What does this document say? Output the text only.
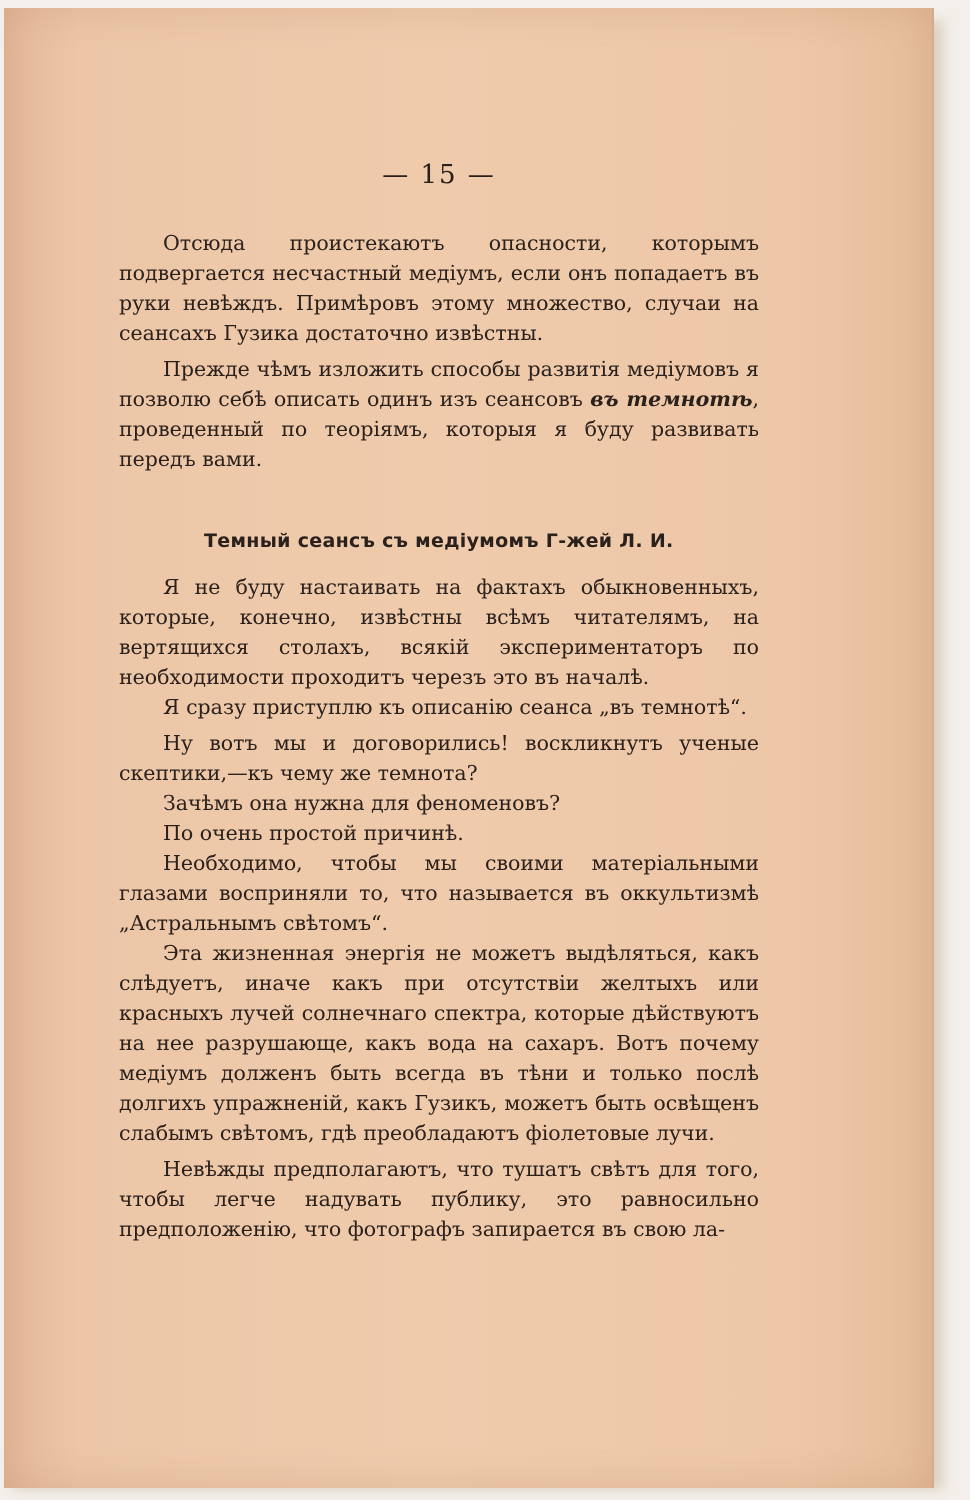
— 15 —

Отсюда проистекаютъ опасности, которымъ подвергается несчастный медіумъ, если онъ попадаетъ въ руки невѣждъ. Примѣровъ этому множество, случаи на сеансахъ Гузика достаточно извѣстны.

Прежде чѣмъ изложить способы развитія медіумовъ я позволю себѣ описать одинъ изъ сеансовъ въ темнотѣ, проведенный по теоріямъ, которыя я буду развивать передъ вами.

Темный сеансъ съ медіумомъ Г-жей Л. И.

Я не буду настаивать на фактахъ обыкновенныхъ, которые, конечно, извѣстны всѣмъ читателямъ, на вертящихся столахъ, всякій экспериментаторъ по необходимости проходитъ черезъ это въ началѣ.

Я сразу приступлю къ описанію сеанса „въ темнотѣ“.

Ну вотъ мы и договорились! воскликнутъ ученые скептики,—къ чему же темнота?

Зачѣмъ она нужна для феноменовъ?

По очень простой причинѣ.

Необходимо, чтобы мы своими матеріальными глазами восприняли то, что называется въ оккультизмѣ „Астральнымъ свѣтомъ“.

Эта жизненная энергія не можетъ выдѣляться, какъ слѣдуетъ, иначе какъ при отсутствіи желтыхъ или красныхъ лучей солнечнаго спектра, которые дѣйствуютъ на нее разрушающе, какъ вода на сахаръ. Вотъ почему медіумъ долженъ быть всегда въ тѣни и только послѣ долгихъ упражненій, какъ Гузикъ, можетъ быть освѣщенъ слабымъ свѣтомъ, гдѣ преобладаютъ фіолетовые лучи.

Невѣжды предполагаютъ, что тушатъ свѣтъ для того, чтобы легче надувать публику, это равносильно предположенію, что фотографъ запирается въ свою ла-
